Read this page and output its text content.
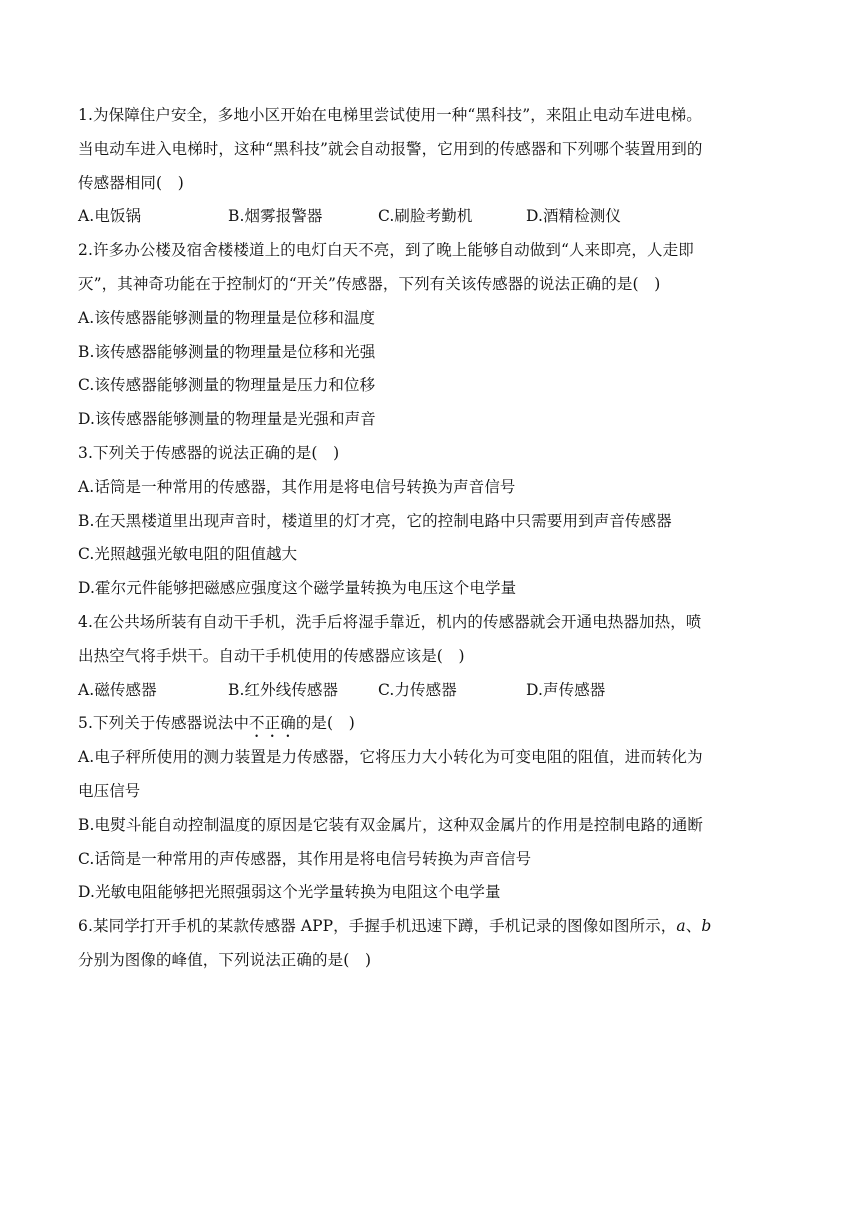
1.为保障住户安全，多地小区开始在电梯里尝试使用一种“黑科技”，来阻止电动车进电梯。
当电动车进入电梯时，这种“黑科技”就会自动报警，它用到的传感器和下列哪个装置用到的
传感器相同(　)
A.电饭锅	B.烟雾报警器	C.刷脸考勤机	D.酒精检测仪
2.许多办公楼及宿舍楼楼道上的电灯白天不亮，到了晚上能够自动做到“人来即亮，人走即
灭”，其神奇功能在于控制灯的“开关”传感器，下列有关该传感器的说法正确的是(　)
A.该传感器能够测量的物理量是位移和温度
B.该传感器能够测量的物理量是位移和光强
C.该传感器能够测量的物理量是压力和位移
D.该传感器能够测量的物理量是光强和声音
3.下列关于传感器的说法正确的是(　)
A.话筒是一种常用的传感器，其作用是将电信号转换为声音信号
B.在天黑楼道里出现声音时，楼道里的灯才亮，它的控制电路中只需要用到声音传感器
C.光照越强光敏电阻的阻值越大
D.霍尔元件能够把磁感应强度这个磁学量转换为电压这个电学量
4.在公共场所装有自动干手机，洗手后将湿手靠近，机内的传感器就会开通电热器加热，喷
出热空气将手烘干。自动干手机使用的传感器应该是(　)
A.磁传感器	B.红外线传感器	C.力传感器	D.声传感器
5.下列关于传感器说法中不正确的是(　)
A.电子秤所使用的测力装置是力传感器，它将压力大小转化为可变电阻的阻值，进而转化为
电压信号
B.电熨斗能自动控制温度的原因是它装有双金属片，这种双金属片的作用是控制电路的通断
C.话筒是一种常用的声传感器，其作用是将电信号转换为声音信号
D.光敏电阻能够把光照强弱这个光学量转换为电阻这个电学量
6.某同学打开手机的某款传感器 APP，手握手机迅速下蹲，手机记录的图像如图所示，a、b
分别为图像的峰值，下列说法正确的是(　)
